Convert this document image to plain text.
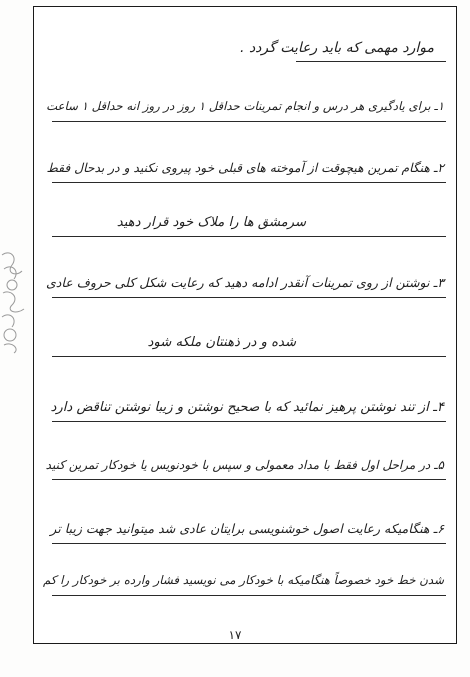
موارد مهمی که باید رعایت گردد .
۱ـ برای یادگیری هر درس و انجام تمرینات حداقل ۱ روز در روز انه حداقل ۱ ساعت
۲ـ هنگام تمرین هیچوقت از آموخته های قبلی خود پیروی نکنید و در بدحال فقط
سرمشق ها را ملاک خود قرار دهید
۳ـ نوشتن از روی تمرینات آنقدر ادامه دهید که رعایت شکل کلی حروف عادی
شده و در ذهنتان ملکه شود
۴ـ از تند نوشتن پرهیز نمائید که با صحیح نوشتن و زیبا نوشتن تناقض دارد
۵ـ در مراحل اول فقط با مداد معمولی و سپس با خودنویس یا خودکار تمرین کنید
۶ـ هنگامیکه رعایت اصول خوشنویسی برایتان عادی شد میتوانید جهت زیبا تر
شدن خط خود خصوصاً هنگامیکه با خودکار می نویسید فشار وارده بر خودکار را کم
۱۷
